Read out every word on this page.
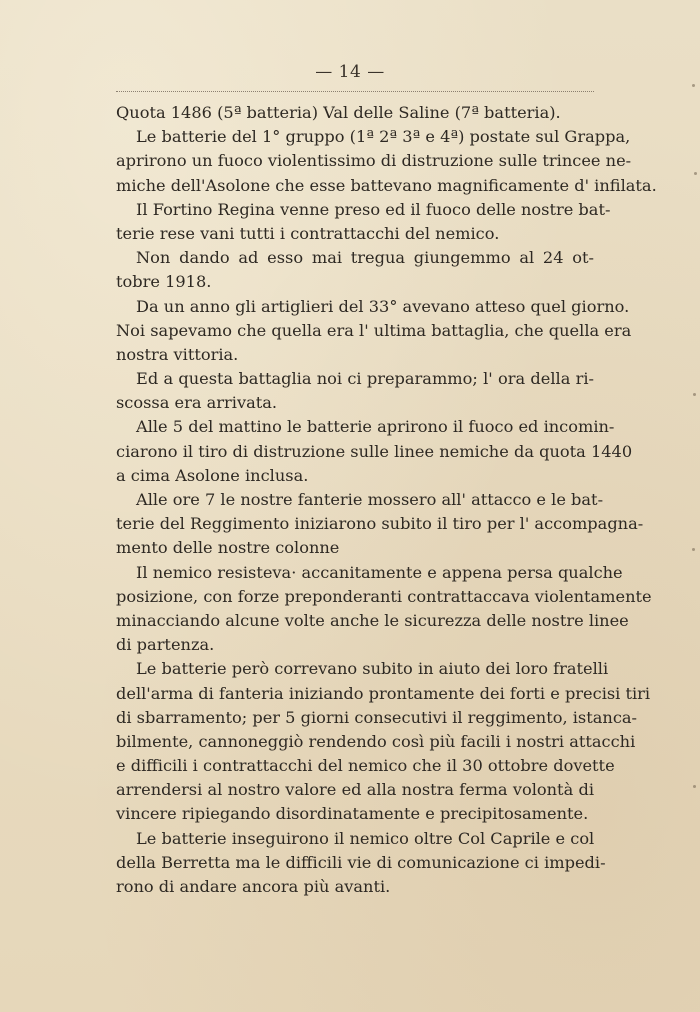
— 14 —
Quota 1486 (5ª batteria) Val delle Saline (7ª batteria).
Le batterie del 1° gruppo (1ª 2ª 3ª e 4ª) postate sul Grappa,
aprirono un fuoco violentissimo di distruzione sulle trincee ne-
miche dell'Asolone che esse battevano magnificamente d' infilata.
Il Fortino Regina venne preso ed il fuoco delle nostre bat-
terie rese vani tutti i contrattacchi del nemico.
Non dando ad esso mai tregua giungemmo al 24 ot-
tobre 1918.
Da un anno gli artiglieri del 33° avevano atteso quel giorno.
Noi sapevamo che quella era l' ultima battaglia, che quella era
nostra vittoria.
Ed a questa battaglia noi ci preparammo; l' ora della ri-
scossa era arrivata.
Alle 5 del mattino le batterie aprirono il fuoco ed incomin-
ciarono il tiro di distruzione sulle linee nemiche da quota 1440
a cima Asolone inclusa.
Alle ore 7 le nostre fanterie mossero all' attacco e le bat-
terie del Reggimento iniziarono subito il tiro per l' accompagna-
mento delle nostre colonne
Il nemico resisteva· accanitamente e appena persa qualche
posizione, con forze preponderanti contrattaccava violentamente
minacciando alcune volte anche le sicurezza delle nostre linee
di partenza.
Le batterie però correvano subito in aiuto dei loro fratelli
dell'arma di fanteria iniziando prontamente dei forti e precisi tiri
di sbarramento; per 5 giorni consecutivi il reggimento, istanca-
bilmente, cannoneggiò rendendo così più facili i nostri attacchi
e difficili i contrattacchi del nemico che il 30 ottobre dovette
arrendersi al nostro valore ed alla nostra ferma volontà di
vincere ripiegando disordinatamente e precipitosamente.
Le batterie inseguirono il nemico oltre Col Caprile e col
della Berretta ma le difficili vie di comunicazione ci impedi-
rono di andare ancora più avanti.
